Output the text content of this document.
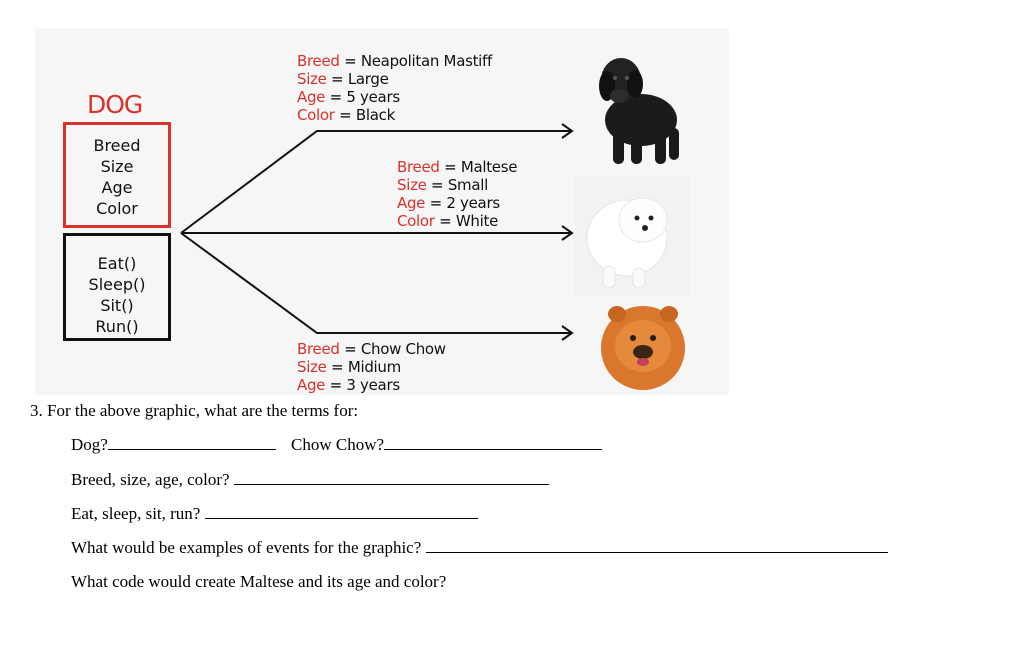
DOG
Breed
Size
Age
Color
Eat()
Sleep()
Sit()
Run()
Breed = Neapolitan Mastiff
Size = Large
Age = 5 years
Color = Black
Breed = Maltese
Size = Small
Age = 2 years
Color = White
Breed = Chow Chow
Size = Midium
Age = 3 years
3. For the above graphic, what are the terms for:
Dog?	Chow Chow?
Breed, size, age, color?
Eat, sleep, sit, run?
What would be examples of events for the graphic?
What code would create Maltese and its age and color?
